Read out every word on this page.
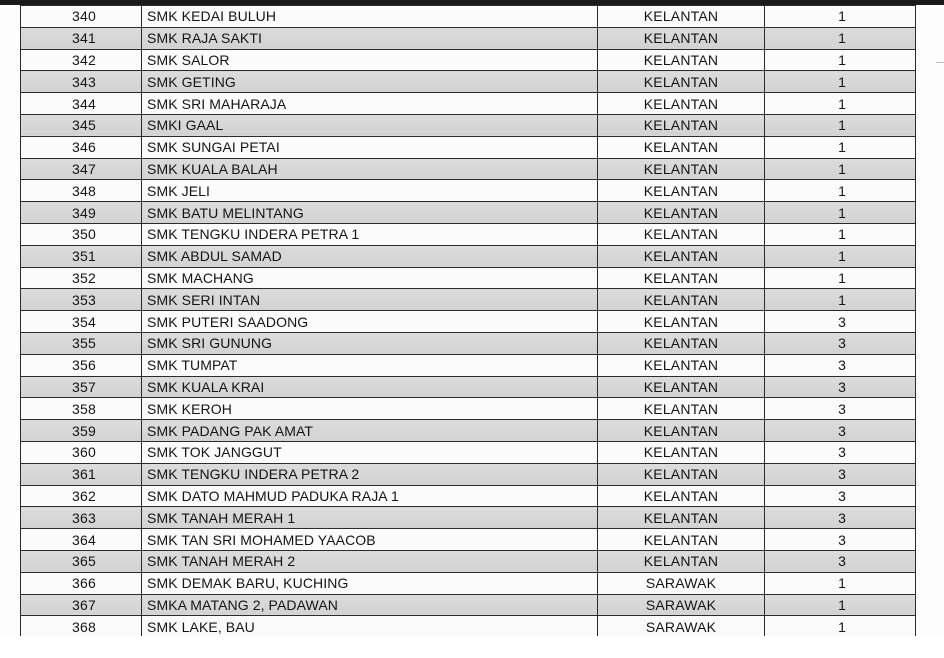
340	SMK KEDAI BULUH	KELANTAN	1
341	SMK RAJA SAKTI	KELANTAN	1
342	SMK SALOR	KELANTAN	1
343	SMK GETING	KELANTAN	1
344	SMK SRI MAHARAJA	KELANTAN	1
345	SMKI GAAL	KELANTAN	1
346	SMK SUNGAI PETAI	KELANTAN	1
347	SMK KUALA BALAH	KELANTAN	1
348	SMK JELI	KELANTAN	1
349	SMK BATU MELINTANG	KELANTAN	1
350	SMK TENGKU INDERA PETRA 1	KELANTAN	1
351	SMK ABDUL SAMAD	KELANTAN	1
352	SMK MACHANG	KELANTAN	1
353	SMK SERI INTAN	KELANTAN	1
354	SMK PUTERI SAADONG	KELANTAN	3
355	SMK SRI GUNUNG	KELANTAN	3
356	SMK TUMPAT	KELANTAN	3
357	SMK KUALA KRAI	KELANTAN	3
358	SMK KEROH	KELANTAN	3
359	SMK PADANG PAK AMAT	KELANTAN	3
360	SMK TOK JANGGUT	KELANTAN	3
361	SMK TENGKU INDERA PETRA 2	KELANTAN	3
362	SMK DATO MAHMUD PADUKA RAJA 1	KELANTAN	3
363	SMK TANAH MERAH 1	KELANTAN	3
364	SMK TAN SRI MOHAMED YAACOB	KELANTAN	3
365	SMK TANAH MERAH 2	KELANTAN	3
366	SMK DEMAK BARU, KUCHING	SARAWAK	1
367	SMKA MATANG 2, PADAWAN	SARAWAK	1
368	SMK LAKE, BAU	SARAWAK	1
